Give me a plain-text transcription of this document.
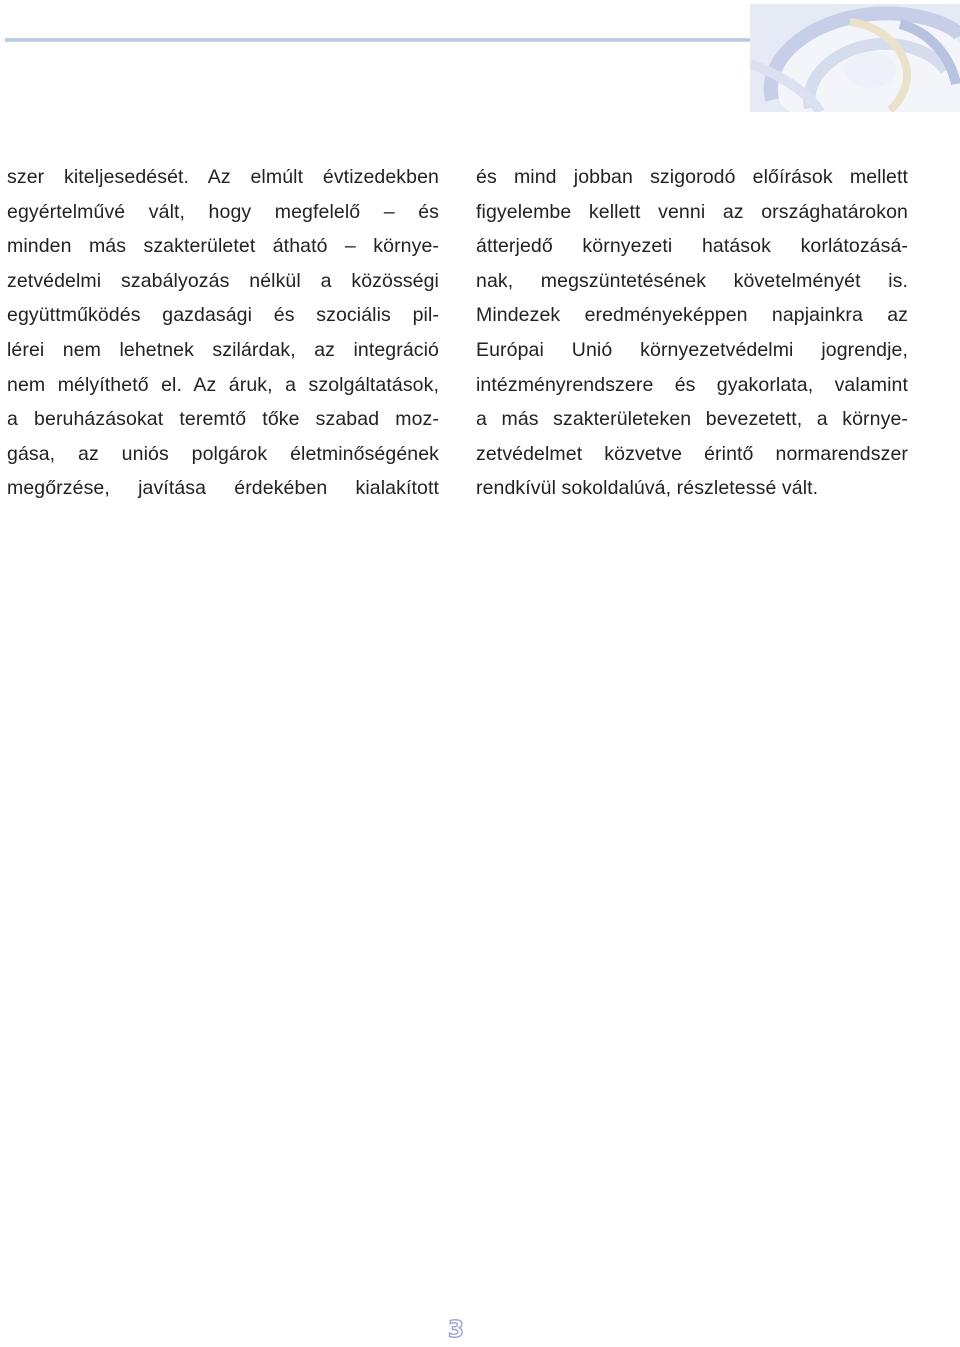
szer kiteljesedését. Az elmúlt évtizedekben
egyértelművé vált, hogy megfelelő – és
minden más szakterületet átható – környe-
zetvédelmi szabályozás nélkül a közösségi
együttműködés gazdasági és szociális pil-
lérei nem lehetnek szilárdak, az integráció
nem mélyíthető el. Az áruk, a szolgáltatások,
a beruházásokat teremtő tőke szabad moz-
gása, az uniós polgárok életminőségének
megőrzése, javítása érdekében kialakított
és mind jobban szigorodó előírások mellett
figyelembe kellett venni az országhatárokon
átterjedő környezeti hatások korlátozásá-
nak, megszüntetésének követelményét is.
Mindezek eredményeképpen napjainkra az
Európai Unió környezetvédelmi jogrendje,
intézményrendszere és gyakorlata, valamint
a más szakterületeken bevezetett, a környe-
zetvédelmet közvetve érintő normarendszer
rendkívül sokoldalúvá, részletessé vált.
3
